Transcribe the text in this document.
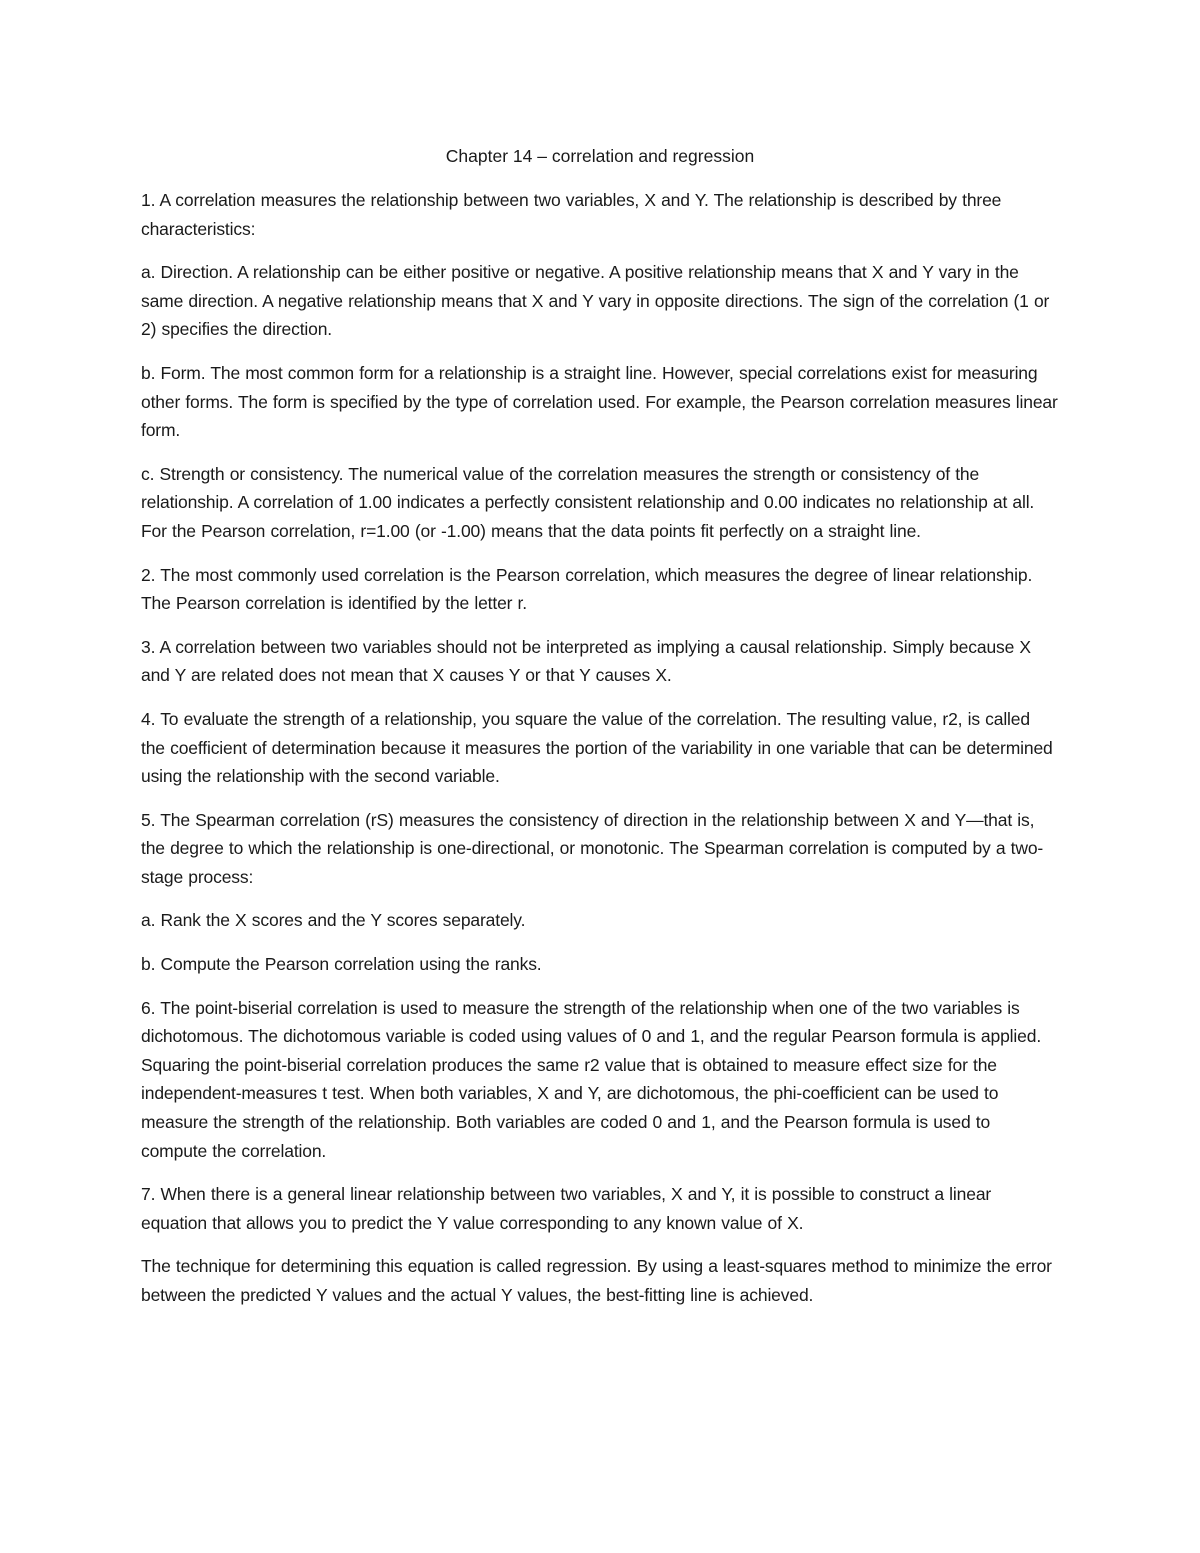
Chapter 14 – correlation and regression

1. A correlation measures the relationship between two variables, X and Y. The relationship is described by three characteristics:

a. Direction. A relationship can be either positive or negative. A positive relationship means that X and Y vary in the same direction. A negative relationship means that X and Y vary in opposite directions. The sign of the correlation (1 or 2) specifies the direction.

b. Form. The most common form for a relationship is a straight line. However, special correlations exist for measuring other forms. The form is specified by the type of correlation used. For example, the Pearson correlation measures linear form.

c. Strength or consistency. The numerical value of the correlation measures the strength or consistency of the relationship. A correlation of 1.00 indicates a perfectly consistent relationship and 0.00 indicates no relationship at all. For the Pearson correlation, r=1.00 (or -1.00) means that the data points fit perfectly on a straight line.

2. The most commonly used correlation is the Pearson correlation, which measures the degree of linear relationship. The Pearson correlation is identified by the letter r.

3. A correlation between two variables should not be interpreted as implying a causal relationship. Simply because X and Y are related does not mean that X causes Y or that Y causes X.

4. To evaluate the strength of a relationship, you square the value of the correlation. The resulting value, r2, is called the coefficient of determination because it measures the portion of the variability in one variable that can be determined using the relationship with the second variable.

5. The Spearman correlation (rS) measures the consistency of direction in the relationship between X and Y—that is, the degree to which the relationship is one-directional, or monotonic. The Spearman correlation is computed by a two-stage process:

a. Rank the X scores and the Y scores separately.

b. Compute the Pearson correlation using the ranks.

6. The point-biserial correlation is used to measure the strength of the relationship when one of the two variables is dichotomous. The dichotomous variable is coded using values of 0 and 1, and the regular Pearson formula is applied. Squaring the point-biserial correlation produces the same r2 value that is obtained to measure effect size for the independent-measures t test. When both variables, X and Y, are dichotomous, the phi-coefficient can be used to measure the strength of the relationship. Both variables are coded 0 and 1, and the Pearson formula is used to compute the correlation.

7. When there is a general linear relationship between two variables, X and Y, it is possible to construct a linear equation that allows you to predict the Y value corresponding to any known value of X.

The technique for determining this equation is called regression. By using a least-squares method to minimize the error between the predicted Y values and the actual Y values, the best-fitting line is achieved.
